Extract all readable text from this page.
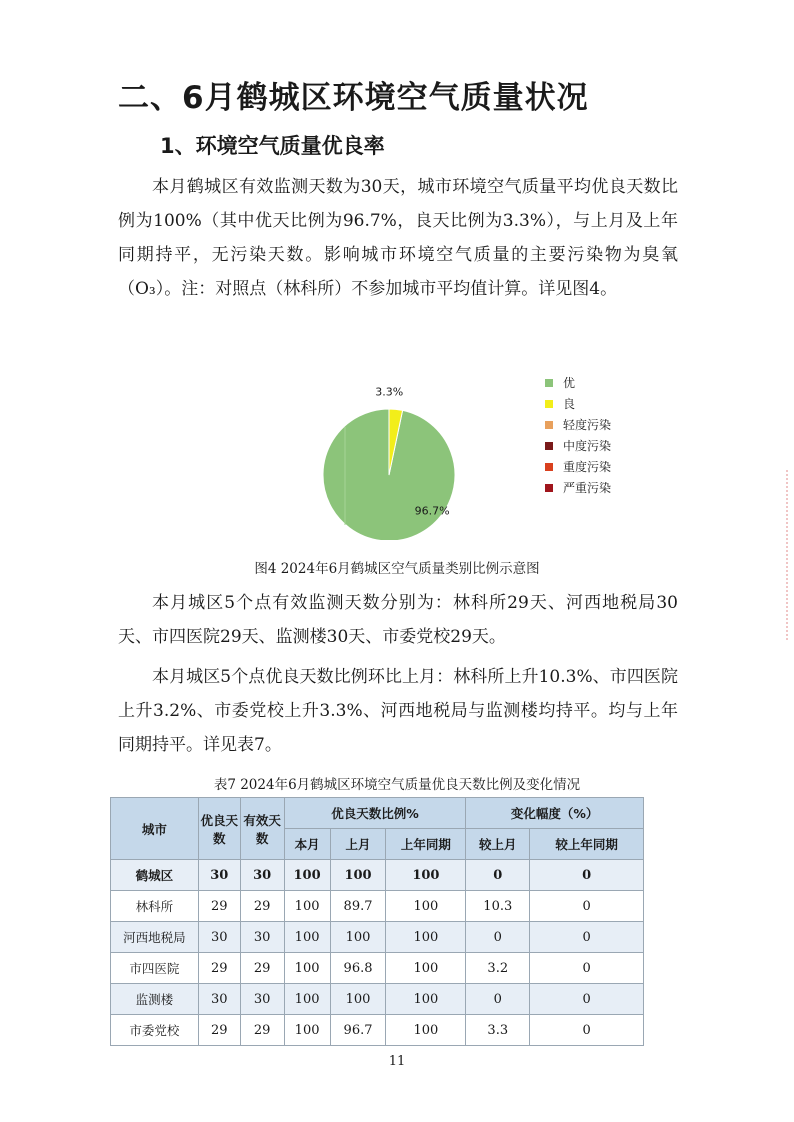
二、6月鹤城区环境空气质量状况
1、环境空气质量优良率

本月鹤城区有效监测天数为30天，城市环境空气质量平均优良天数比例为100%（其中优天比例为96.7%，良天比例为3.3%），与上月及上年同期持平，无污染天数。影响城市环境空气质量的主要污染物为臭氧（O₃）。注：对照点（林科所）不参加城市平均值计算。详见图4。

96.7%
3.3%
优
良
轻度污染
中度污染
重度污染
严重污染
图4 2024年6月鹤城区空气质量类别比例示意图

本月城区5个点有效监测天数分别为：林科所29天、河西地税局30天、市四医院29天、监测楼30天、市委党校29天。

本月城区5个点优良天数比例环比上月：林科所上升10.3%、市四医院上升3.2%、市委党校上升3.3%、河西地税局与监测楼均持平。均与上年同期持平。详见表7。

表7 2024年6月鹤城区环境空气质量优良天数比例及变化情况
城市	优良天数	有效天数	优良天数比例%			变化幅度（%）	
			本月	上月	上年同期	较上月	较上年同期
鹤城区	30	30	100	100	100	0	0
林科所	29	29	100	89.7	100	10.3	0
河西地税局	30	30	100	100	100	0	0
市四医院	29	29	100	96.8	100	3.2	0
监测楼	30	30	100	100	100	0	0
市委党校	29	29	100	96.7	100	3.3	0
11
